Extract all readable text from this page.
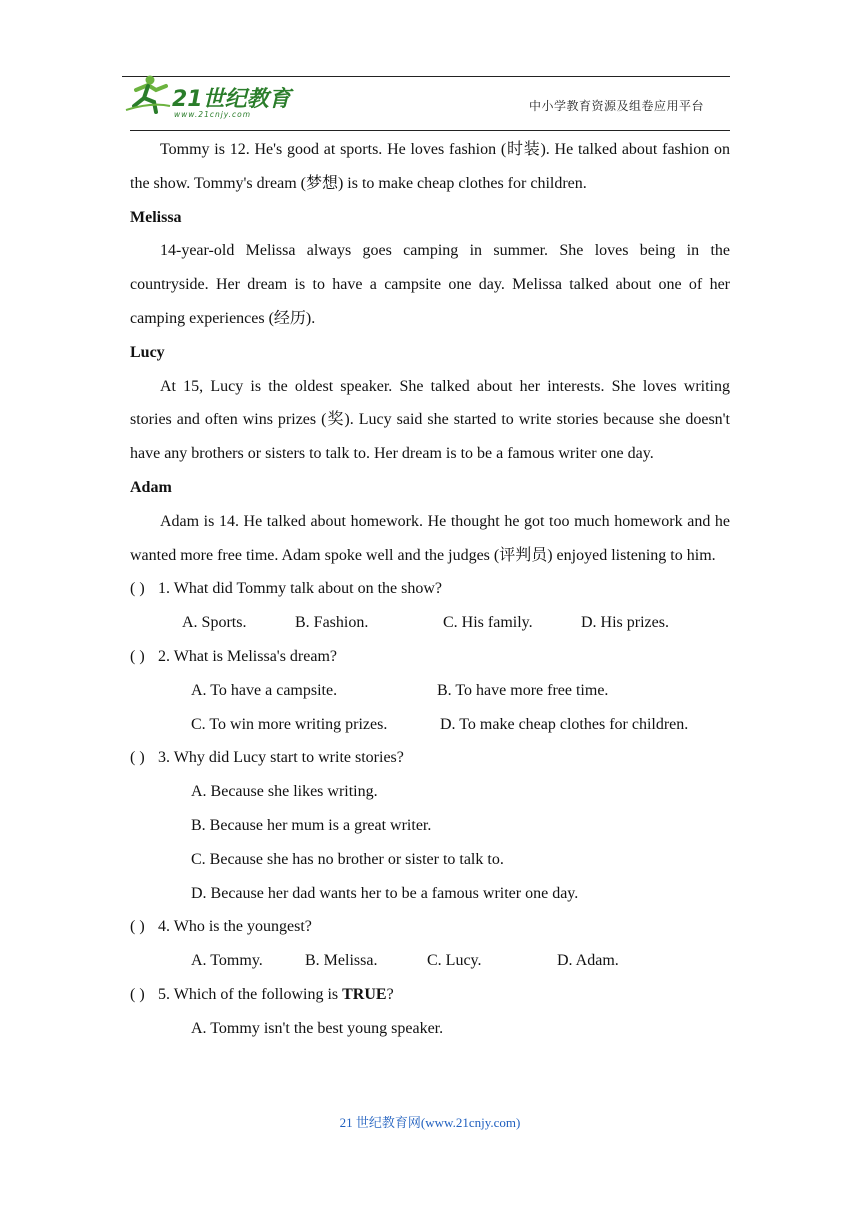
21世纪教育
www.21cnjy.com
中小学教育资源及组卷应用平台

Tommy is 12. He's good at sports. He loves fashion (时装). He talked about fashion on the show. Tommy's dream (梦想) is to make cheap clothes for children.

Melissa

14-year-old Melissa always goes camping in summer. She loves being in the countryside. Her dream is to have a campsite one day. Melissa talked about one of her camping experiences (经历).

Lucy

At 15, Lucy is the oldest speaker. She talked about her interests. She loves writing stories and often wins prizes (奖). Lucy said she started to write stories because she doesn't have any brothers or sisters to talk to. Her dream is to be a famous writer one day.

Adam

Adam is 14. He talked about homework. He thought he got too much homework and he wanted more free time. Adam spoke well and the judges (评判员) enjoyed listening to him.

( ) 1. What did Tommy talk about on the show?

A. Sports.	B. Fashion.	C. His family.	D. His prizes.

( ) 2. What is Melissa's dream?

A. To have a campsite.	B. To have more free time.
C. To win more writing prizes.	D. To make cheap clothes for children.

( ) 3. Why did Lucy start to write stories?

A. Because she likes writing.
B. Because her mum is a great writer.
C. Because she has no brother or sister to talk to.
D. Because her dad wants her to be a famous writer one day.

( ) 4. Who is the youngest?

A. Tommy.	B. Melissa.	C. Lucy.	D. Adam.

( ) 5. Which of the following is TRUE?

A. Tommy isn't the best young speaker.
21 世纪教育网(www.21cnjy.com)
